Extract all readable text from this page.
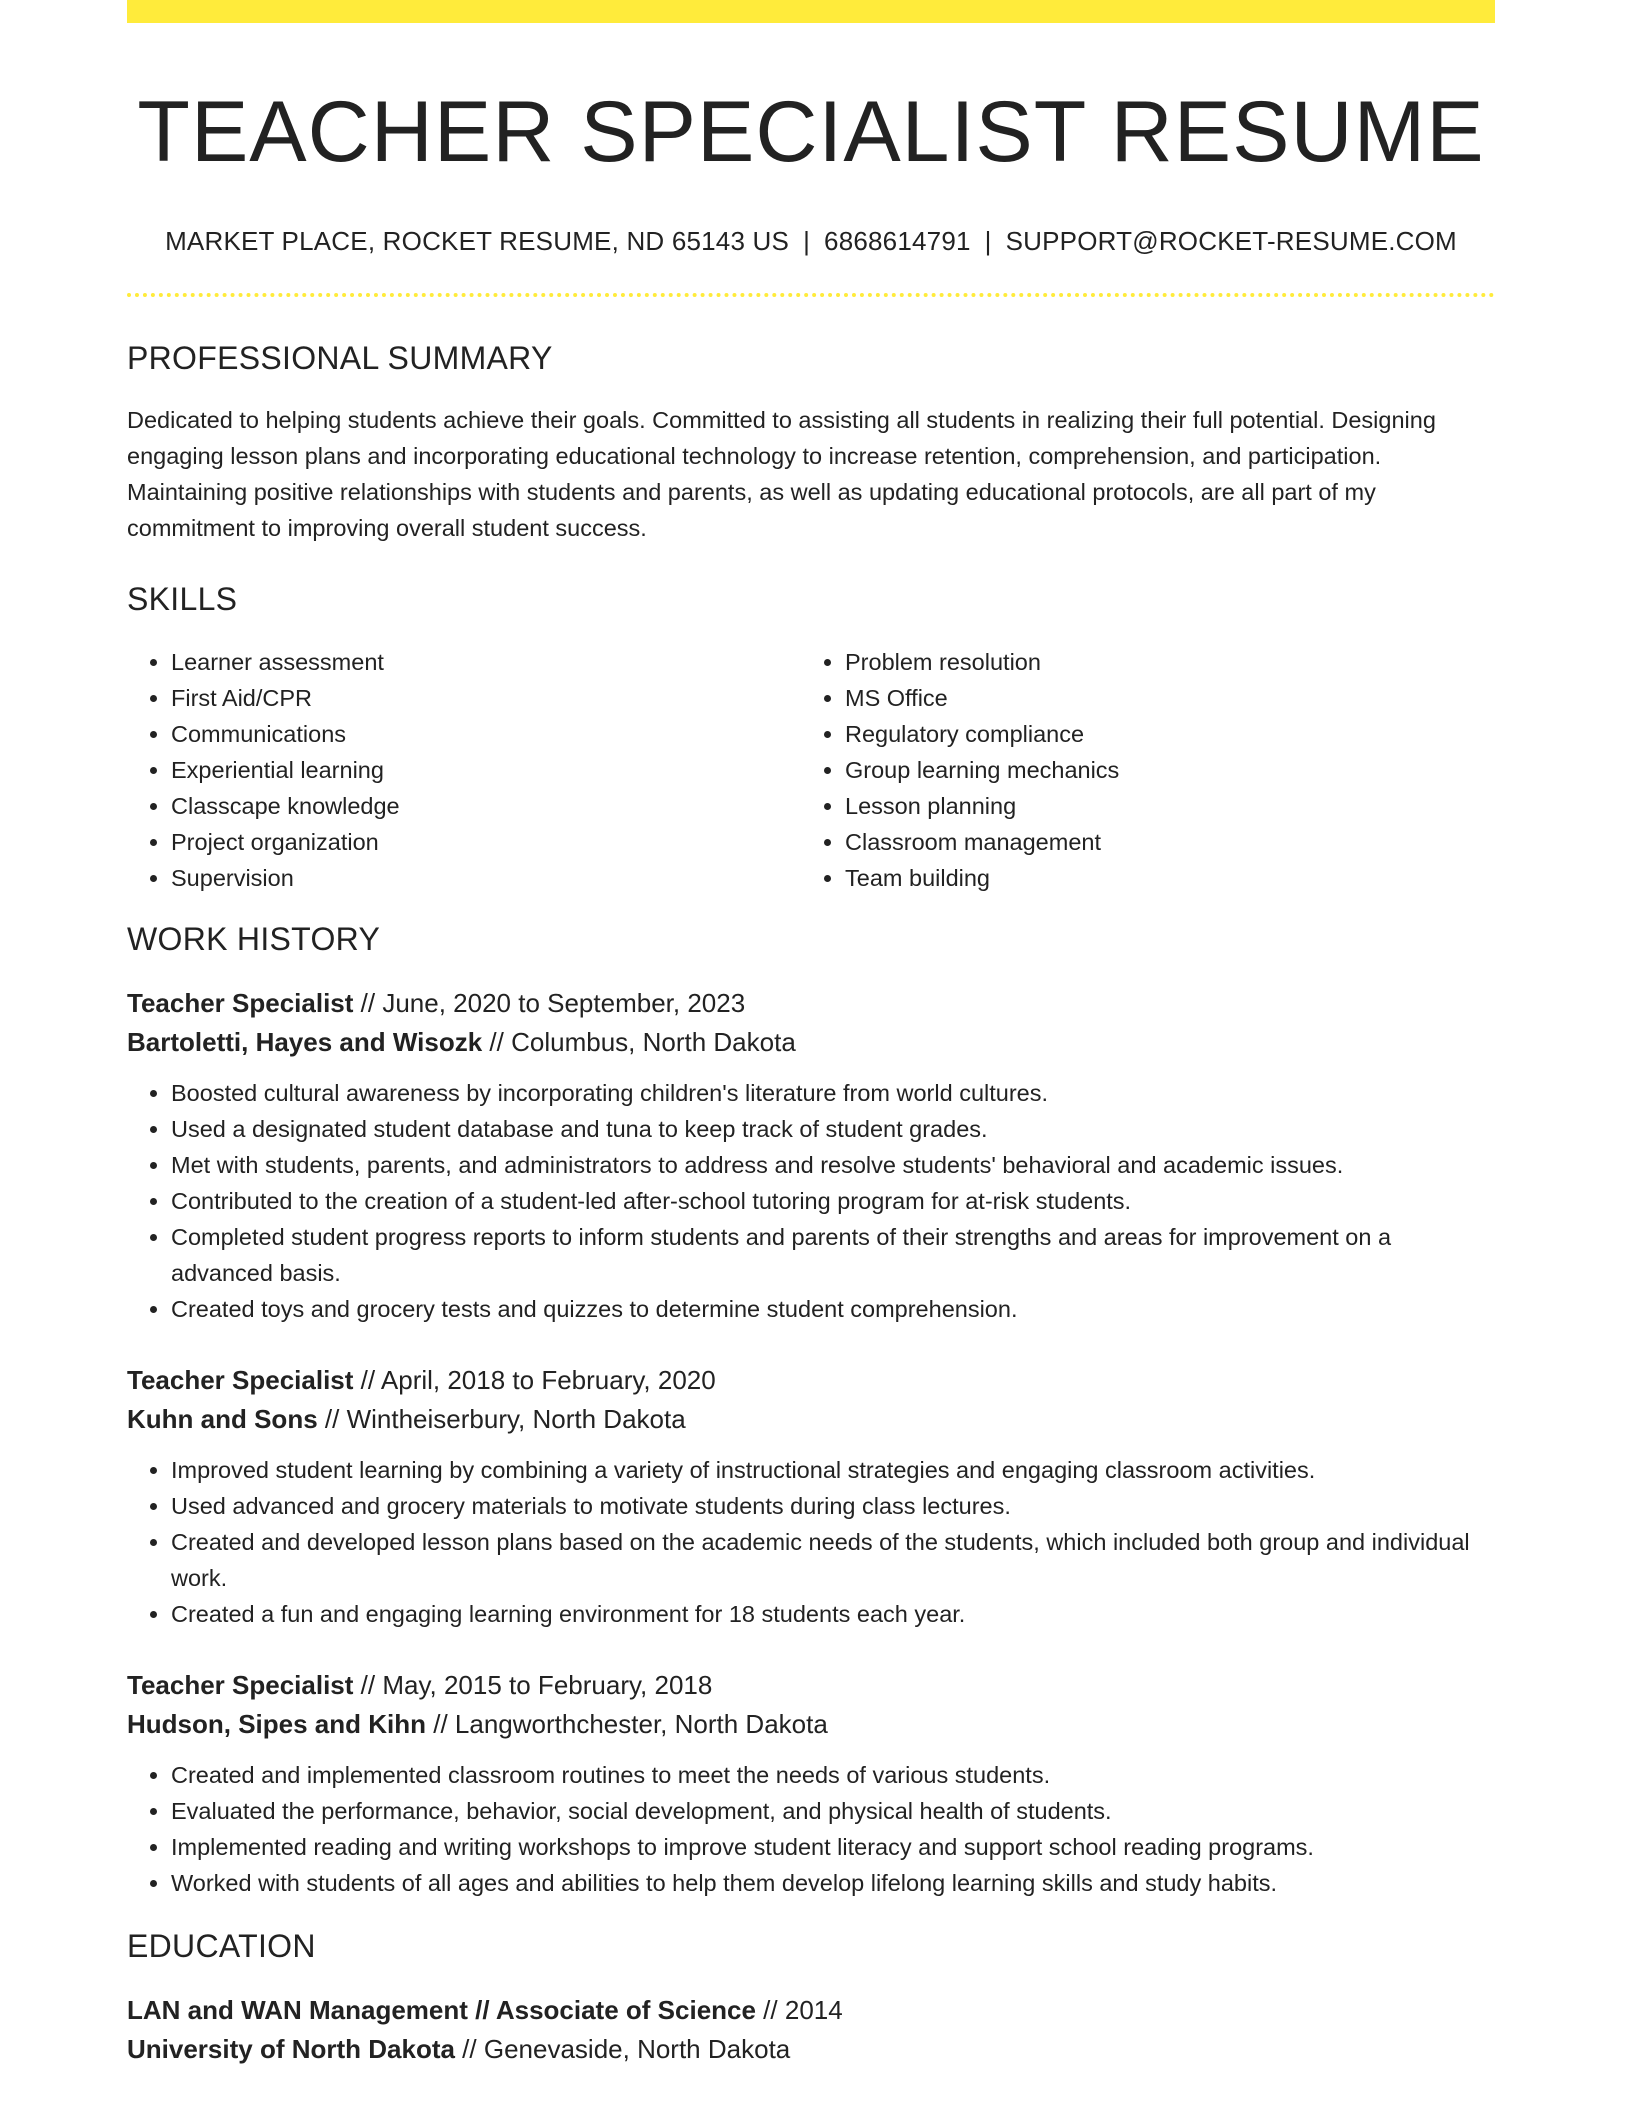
TEACHER SPECIALIST RESUME
MARKET PLACE, ROCKET RESUME, ND 65143 US | 6868614791 | SUPPORT@ROCKET-RESUME.COM
PROFESSIONAL SUMMARY

Dedicated to helping students achieve their goals. Committed to assisting all students in realizing their full potential. Designing engaging lesson plans and incorporating educational technology to increase retention, comprehension, and participation. Maintaining positive relationships with students and parents, as well as updating educational protocols, are all part of my commitment to improving overall student success.

SKILLS
• Learner assessment
• First Aid/CPR
• Communications
• Experiential learning
• Classcape knowledge
• Project organization
• Supervision
• Problem resolution
• MS Office
• Regulatory compliance
• Group learning mechanics
• Lesson planning
• Classroom management
• Team building
WORK HISTORY
Teacher Specialist // June, 2020 to September, 2023
Bartoletti, Hayes and Wisozk // Columbus, North Dakota
• Boosted cultural awareness by incorporating children's literature from world cultures.
• Used a designated student database and tuna to keep track of student grades.
• Met with students, parents, and administrators to address and resolve students' behavioral and academic issues.
• Contributed to the creation of a student-led after-school tutoring program for at-risk students.
• Completed student progress reports to inform students and parents of their strengths and areas for improvement on a advanced basis.
• Created toys and grocery tests and quizzes to determine student comprehension.
Teacher Specialist // April, 2018 to February, 2020
Kuhn and Sons // Wintheiserbury, North Dakota
• Improved student learning by combining a variety of instructional strategies and engaging classroom activities.
• Used advanced and grocery materials to motivate students during class lectures.
• Created and developed lesson plans based on the academic needs of the students, which included both group and individual work.
• Created a fun and engaging learning environment for 18 students each year.
Teacher Specialist // May, 2015 to February, 2018
Hudson, Sipes and Kihn // Langworthchester, North Dakota
• Created and implemented classroom routines to meet the needs of various students.
• Evaluated the performance, behavior, social development, and physical health of students.
• Implemented reading and writing workshops to improve student literacy and support school reading programs.
• Worked with students of all ages and abilities to help them develop lifelong learning skills and study habits.
EDUCATION
LAN and WAN Management // Associate of Science // 2014
University of North Dakota // Genevaside, North Dakota
